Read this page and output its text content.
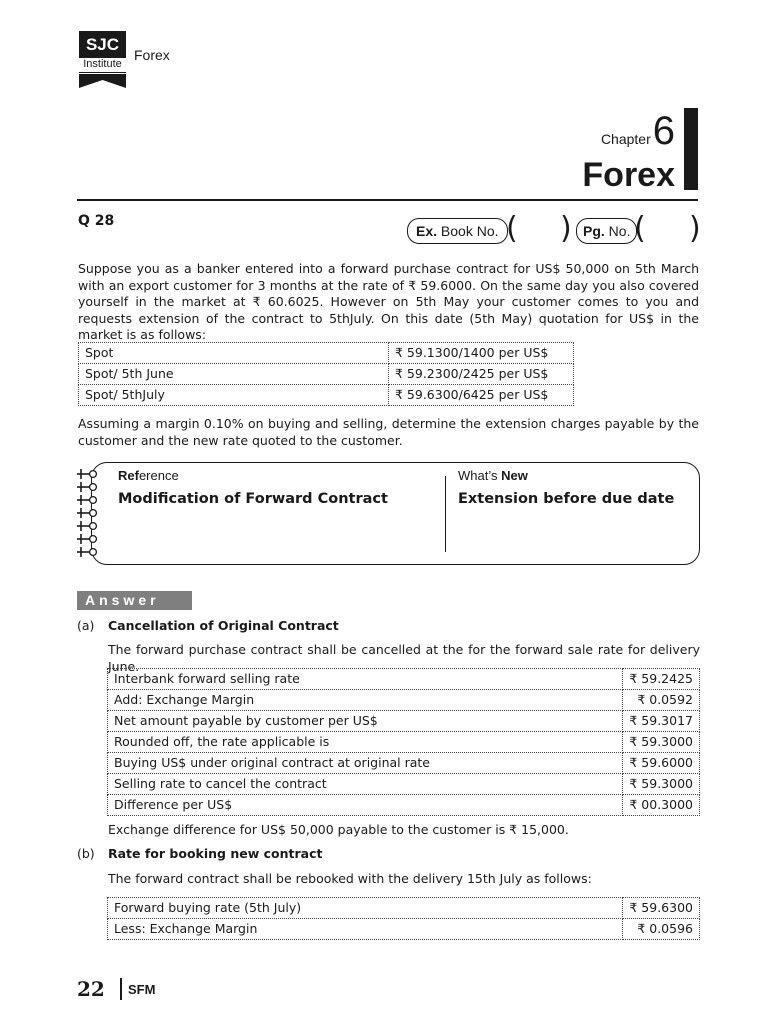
SJC
Institute
Forex
Chapter6
Forex
Q 28
Ex. Book No. ( ) Pg. No. ( )
Suppose you as a banker entered into a forward purchase contract for US$ 50,000 on 5th March with an export customer for 3 months at the rate of ₹ 59.6000. On the same day you also covered yourself in the market at ₹ 60.6025. However on 5th May your customer comes to you and requests extension of the contract to 5thJuly. On this date (5th May) quotation for US$ in the market is as follows:
Spot	₹ 59.1300/1400 per US$
Spot/ 5th June	₹ 59.2300/2425 per US$
Spot/ 5thJuly	₹ 59.6300/6425 per US$
Assuming a margin 0.10% on buying and selling, determine the extension charges payable by the customer and the new rate quoted to the customer.
Reference
Modification of Forward Contract
What’s New
Extension before due date
Answer
(a) Cancellation of Original Contract
The forward purchase contract shall be cancelled at the for the forward sale rate for delivery June.
Interbank forward selling rate	₹ 59.2425
Add: Exchange Margin	₹ 0.0592
Net amount payable by customer per US$	₹ 59.3017
Rounded off, the rate applicable is	₹ 59.3000
Buying US$ under original contract at original rate	₹ 59.6000
Selling rate to cancel the contract	₹ 59.3000
Difference per US$	₹ 00.3000
Exchange difference for US$ 50,000 payable to the customer is ₹ 15,000.
(b) Rate for booking new contract
The forward contract shall be rebooked with the delivery 15th July as follows:
Forward buying rate (5th July)	₹ 59.6300
Less: Exchange Margin	₹ 0.0596
22 SFM
